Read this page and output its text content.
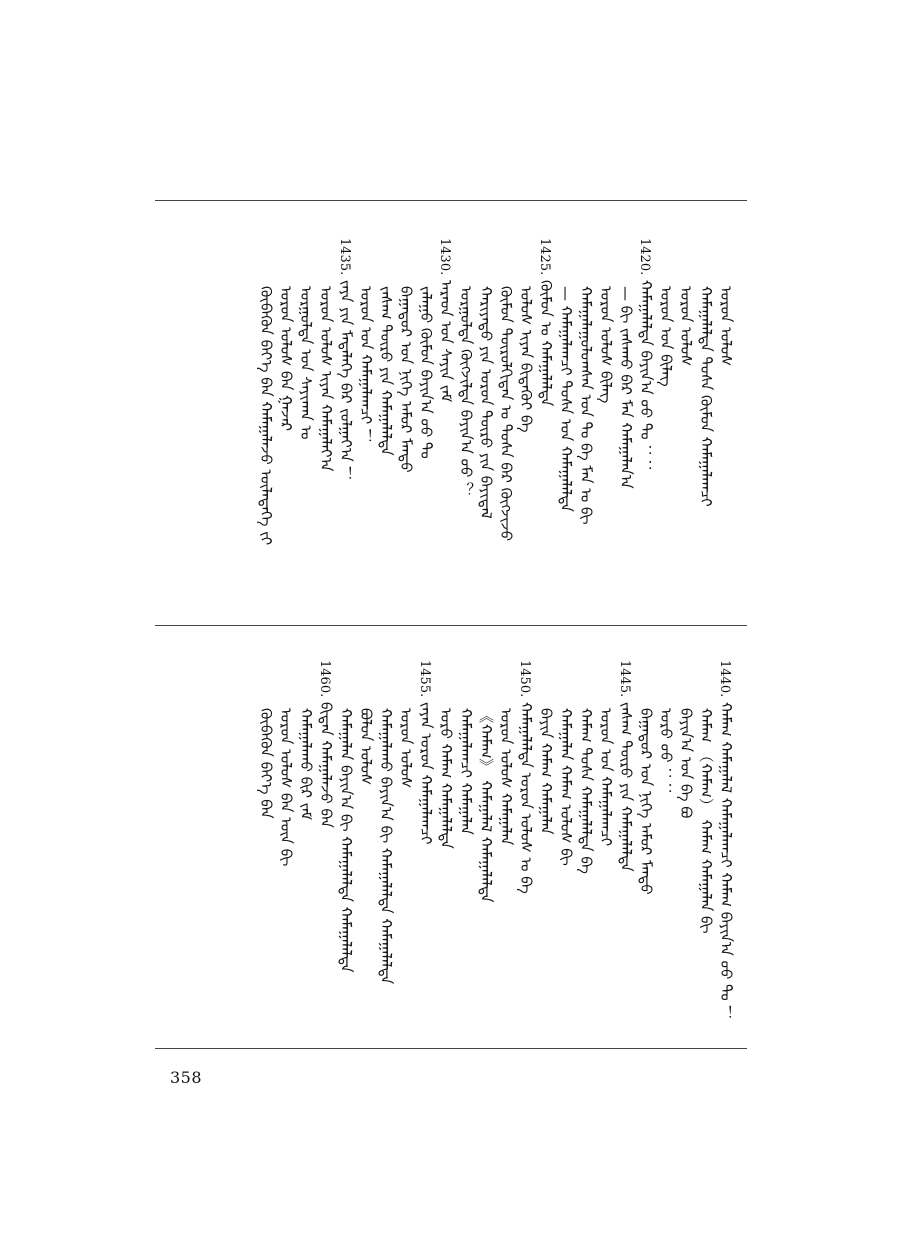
ᠬᠦᠪᠡᠭᠦᠨ ᠪᠡᠶ᠎ᠡ ᠪᠠᠨ ᠬᠠᠮᠠᠭᠠᠯᠠᠵᠤ ᠦᠯᠡᠳᠡᠭᠡ ᠵᠢ ᠤᠷᠤᠨ ᠤᠯᠤᠰ ᠪᠠᠨ ᠭᠠᠵᠠᠷ ᠤᠷᠭᠤᠯᠳᠠ ᠤᠨ ᠰᠠᠶᠢᠬᠠᠨ ᠤ ᠤᠷᠤᠨ ᠤᠯᠤᠰ ᠢᠶᠠᠨ ᠬᠠᠮᠠᠭᠠᠯᠠᠶ᠎ᠠ
1435.
ᠵᠠᠶᠠ ᠶᠢᠨ ᠮᠡᠳᠡᠯᠡᠭᠡ ᠪᠡᠷ ᠵᠤᠯᠭᠠᠶ᠎ᠠ ！ ᠤᠷᠤᠨ ᠤᠨ ᠬᠠᠮᠠᠭᠠᠯᠠᠭᠴᠢ ！ ᠵᠠᠰᠠᠭ ᠲᠥᠷᠦ ᠶᠢᠨ ᠬᠠᠮᠠᠭᠠᠯᠠᠯᠲᠠ ᠪᠠᠭᠠᠲᠤᠷ ᠤᠨ ᠨᠢᠭᠡ ᠠᠮᠤᠷ ᠮᠡᠨᠳᠦ ᠵᠠᠯᠠᠭᠤ ᠬᠦᠮᠦᠨ ᠪᠠᠶᠢᠨ᠎ᠠ ᠦᠦ ᠲᠤ
1430.
ᠠᠷᠠᠳ ᠤᠨ ᠰᠠᠶᠢᠨ ᠵᠠᠮ ᠤᠷᠭᠤᠯᠳᠠ ᠬᠥᠭᠵᠢᠯᠲᠡ ᠪᠠᠶᠢᠨ᠎ᠠ ᠦᠦ ？ ᠬᠠᠷᠢᠶᠠᠲᠤ ᠶᠢᠨ ᠤᠷᠤᠨ ᠲᠥᠷᠦ ᠶᠢᠨ ᠪᠠᠶᠢᠳᠠᠯ ᠬᠦᠮᠦᠨ ᠲᠥᠷᠦᠯᠬᠢᠲᠡᠨ ᠤ ᠲᠤᠰᠠ ᠪᠠᠷ ᠬᠥᠭᠵᠢᠵᠦ ᠤᠯᠤᠰ ᠢᠶᠠᠨ ᠪᠢᠲᠡᠭᠦᠢ ᠪᠠ
1425.
ᠬᠦᠮᠦᠨ ᠤ ᠬᠠᠮᠠᠭᠠᠯᠠᠯᠲᠠ — ᠬᠠᠮᠠᠭᠠᠯᠠᠭᠴᠢ ᠲᠤᠰᠠ ᠤᠨ ᠬᠠᠮᠠᠭᠠᠯᠠᠯᠲᠠ ᠬᠠᠮᠠᠭᠠᠯᠠᠭᠤᠯᠤᠭᠰᠠᠨ ᠤᠨ ᠲᠤ ᠪᠠ ᠮᠠᠨ ᠤ ᠪᠢ ᠤᠷᠤᠨ ᠤᠯᠤᠰ ᠪᠢᠯᠡᠭ — ᠪᠢ ᠵᠠᠰᠠᠬᠤ ᠪᠠᠷ ᠮᠠᠨ ᠬᠠᠮᠠᠭᠠᠯᠠᠨ᠎ᠠ
1420.
ᠬᠠᠮᠠᠭᠠᠯᠠᠯᠲᠠ ᠪᠠᠶᠢᠨ᠎ᠠ ᠦᠦ ᠲᠤ ：： ᠤᠷᠤᠨ ᠤᠨ ᠪᠢᠯᠡᠭ ᠤᠷᠤᠨ ᠤᠯᠤᠰ ᠬᠠᠮᠠᠭᠠᠯᠠᠯᠲᠠ ᠲᠤᠰᠠ ᠬᠦᠮᠦᠨ ᠬᠠᠮᠠᠭᠠᠯᠠᠭᠴᠢ ᠤᠷᠤᠨ ᠤᠯᠤᠰ
ᠬᠦᠪᠡᠭᠦᠨ ᠪᠡᠶ᠎ᠡ ᠪᠠᠨ ᠤᠷᠤᠨ ᠤᠯᠤᠰ ᠪᠠᠨ ᠦᠨ ᠪᠢ ᠬᠠᠮᠠᠭᠠᠯᠠᠬᠤ ᠪᠢᠷ ᠵᠠᠮ
1460.
ᠪᠢᠳᠡᠨ ᠬᠠᠮᠠᠭᠠᠯᠠᠵᠤ ᠪᠠᠨ ᠬᠠᠮᠠᠭᠠᠯᠠᠨ ᠪᠠᠶᠢᠨ᠎ᠠ ᠪᠢ ᠬᠠᠮᠠᠭᠠᠯᠠᠯᠲᠠ ᠬᠠᠮᠠᠭᠠᠯᠠᠯᠲᠠ ᠪᠤᠯᠤᠨ ᠤᠯᠤᠰ ᠬᠠᠮᠠᠭᠠᠯᠠᠬᠤ ᠪᠠᠶᠢᠨ᠎ᠠ ᠪᠢ ᠬᠠᠮᠠᠭᠠᠯᠠᠯᠲᠠ ᠬᠠᠮᠠᠭᠠᠯᠠᠯᠲᠠ ᠤᠷᠤᠨ ᠤᠯᠤᠰ
1455.
ᠵᠠᠶᠠᠨ ᠤᠷᠤᠨ ᠬᠠᠮᠠᠭᠠᠯᠠᠭᠴᠢ ᠤᠷᠤ ᠬᠠᠮᠠᠭ ᠬᠠᠮᠠᠭᠠᠯᠠᠯᠲᠠ ᠬᠠᠮᠠᠭᠠᠯᠠᠭᠴᠢ ᠬᠠᠮᠠᠭᠠᠯᠠᠨ 《ᠬᠠᠮᠠᠭ》 ᠬᠠᠮᠠᠭᠠᠯᠠᠯ ᠬᠠᠮᠠᠭᠠᠯᠠᠯᠲᠠ ᠤᠷᠤᠨ ᠤᠯᠤᠰ ᠬᠠᠮᠠᠭᠠᠯᠠᠨ
1450.
ᠬᠠᠮᠠᠭᠠᠯᠠᠯᠲᠠ ᠤᠷᠤᠨ ᠤᠯᠤᠰ ᠤ ᠪᠠ ᠪᠠᠶᠢᠨ ᠬᠠᠮᠠᠭ ᠬᠠᠮᠠᠭᠠᠯᠠᠨ ᠬᠠᠮᠠᠭᠠᠯᠠᠨ ᠬᠠᠮᠠᠭ ᠤᠯᠤᠰ ᠪᠢ ᠬᠠᠮᠠᠭ ᠲᠤᠰᠠ ᠬᠠᠮᠠᠭᠠᠯᠠᠯᠲᠠ ᠪᠠ ᠤᠷᠤᠨ ᠤᠨ ᠬᠠᠮᠠᠭᠠᠯᠠᠭᠴᠢ
1445.
ᠵᠠᠰᠠᠭ ᠲᠥᠷᠦ ᠶᠢᠨ ᠬᠠᠮᠠᠭᠠᠯᠠᠯᠲᠠ ᠪᠠᠭᠠᠲᠤᠷ ᠤᠨ ᠨᠢᠭᠡ ᠠᠮᠤᠷ ᠮᠡᠨᠳᠦ ᠤᠷᠤ ᠦᠦ ：： ᠪᠠᠶᠢᠨ᠎ᠠ ᠤᠨ ᠪᠠ ᠪᠤ ᠬᠠᠮᠠᠭ （ᠬᠠᠮᠠᠭ） ᠬᠠᠮᠠᠭ ᠬᠠᠮᠠᠭᠠᠯᠠᠨ ᠪᠢ
1440.
ᠬᠠᠮᠠᠭ ᠬᠠᠮᠠᠭᠠᠯᠠᠯ ᠬᠠᠮᠠᠭᠠᠯᠠᠭᠴᠢ ᠬᠠᠮᠠᠭ ᠪᠠᠶᠢᠨ᠎ᠠ ᠦᠦ ᠲᠤ ！
358
